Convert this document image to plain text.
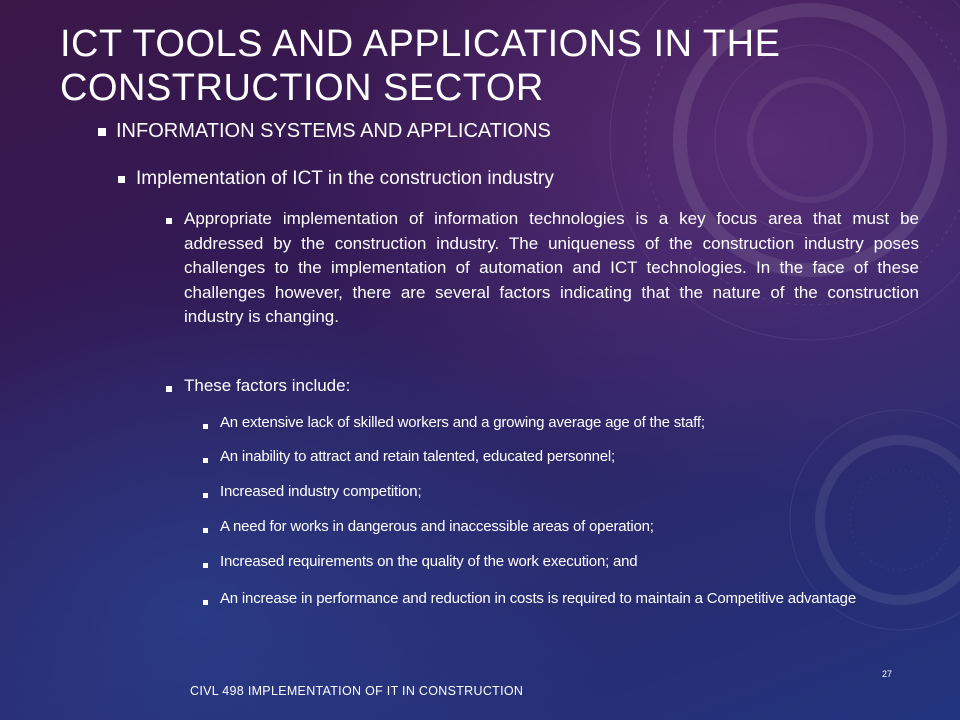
ICT TOOLS AND APPLICATIONS IN THE CONSTRUCTION SECTOR
INFORMATION SYSTEMS AND APPLICATIONS
Implementation of ICT in the construction industry
Appropriate implementation of information technologies is a key focus area that must be addressed by the construction industry. The uniqueness of the construction industry poses challenges to the implementation of automation and ICT technologies. In the face of these challenges however, there are several factors indicating that the nature of the construction industry is changing.
These factors include:
An extensive lack of skilled workers and a growing average age of the staff;
An inability to attract and retain talented, educated personnel;
Increased industry competition;
A need for works in dangerous and inaccessible areas of operation;
Increased requirements on the quality of the work execution; and
An increase in performance and reduction in costs is required to maintain a Competitive advantage
27
CIVL 498 IMPLEMENTATION OF IT IN CONSTRUCTION
